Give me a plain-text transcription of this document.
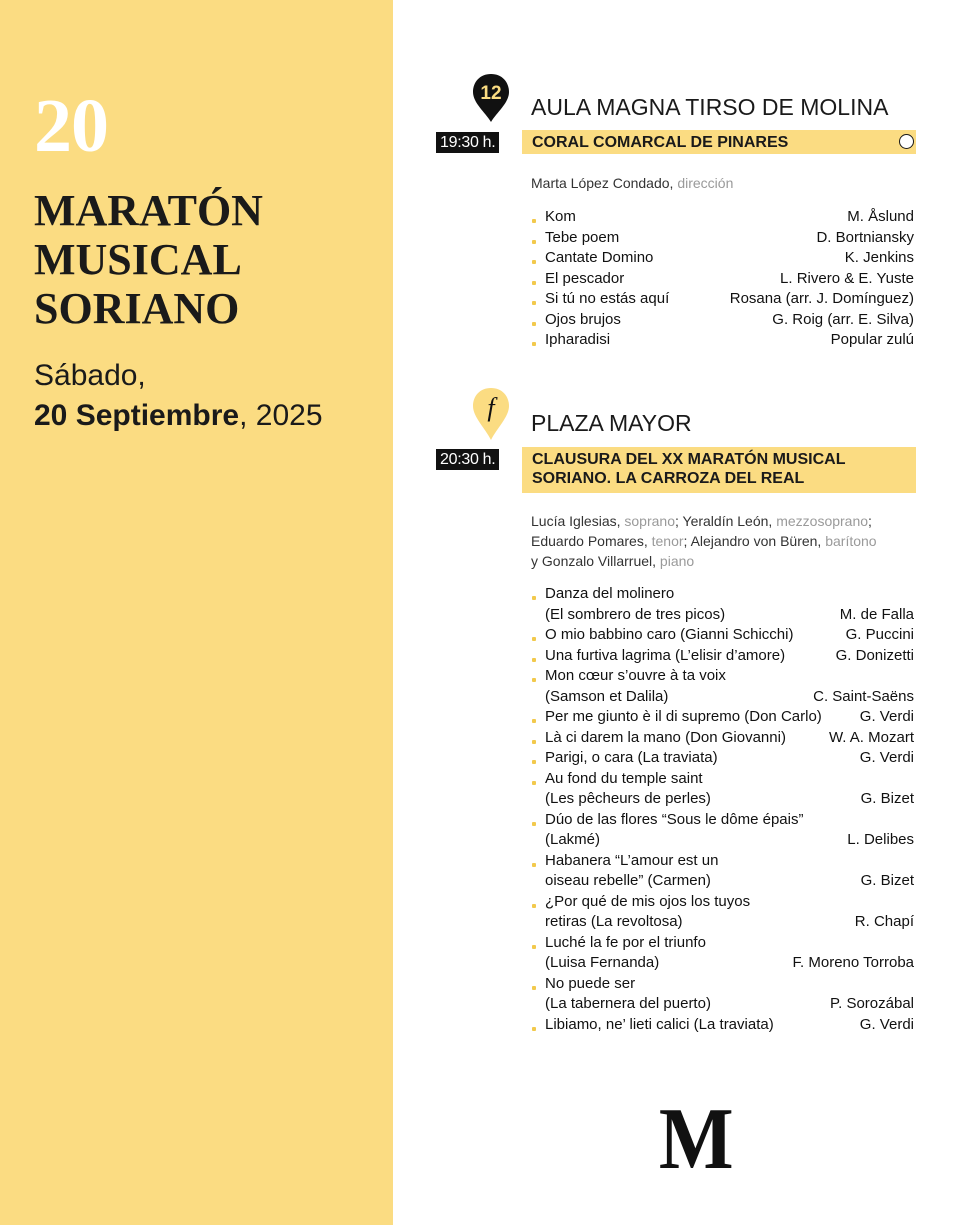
20
MARATÓN
MUSICAL
SORIANO
Sábado,
20 Septiembre, 2025
12
AULA MAGNA TIRSO DE MOLINA
19:30 h. CORAL COMARCAL DE PINARES
Marta López Condado, dirección
Kom	M. Åslund
Tebe poem	D. Bortniansky
Cantate Domino	K. Jenkins
El pescador	L. Rivero & E. Yuste
Si tú no estás aquí	Rosana (arr. J. Domínguez)
Ojos brujos	G. Roig (arr. E. Silva)
Ipharadisi	Popular zulú
f
PLAZA MAYOR
20:30 h. CLAUSURA DEL XX MARATÓN MUSICAL
SORIANO. LA CARROZA DEL REAL
Lucía Iglesias, soprano; Yeraldín León, mezzosoprano;
Eduardo Pomares, tenor; Alejandro von Büren, barítono
y Gonzalo Villarruel, piano
Danza del molinero
(El sombrero de tres picos)	M. de Falla
O mio babbino caro (Gianni Schicchi)	G. Puccini
Una furtiva lagrima (L’elisir d’amore)	G. Donizetti
Mon cœur s’ouvre à ta voix
(Samson et Dalila)	C. Saint-Saëns
Per me giunto è il di supremo (Don Carlo)	G. Verdi
Là ci darem la mano (Don Giovanni)	W. A. Mozart
Parigi, o cara (La traviata)	G. Verdi
Au fond du temple saint
(Les pêcheurs de perles)	G. Bizet
Dúo de las flores “Sous le dôme épais”
(Lakmé)	L. Delibes
Habanera “L’amour est un
oiseau rebelle” (Carmen)	G. Bizet
¿Por qué de mis ojos los tuyos
retiras (La revoltosa)	R. Chapí
Luché la fe por el triunfo
(Luisa Fernanda)	F. Moreno Torroba
No puede ser
(La tabernera del puerto)	P. Sorozábal
Libiamo, ne’ lieti calici (La traviata)	G. Verdi
M
